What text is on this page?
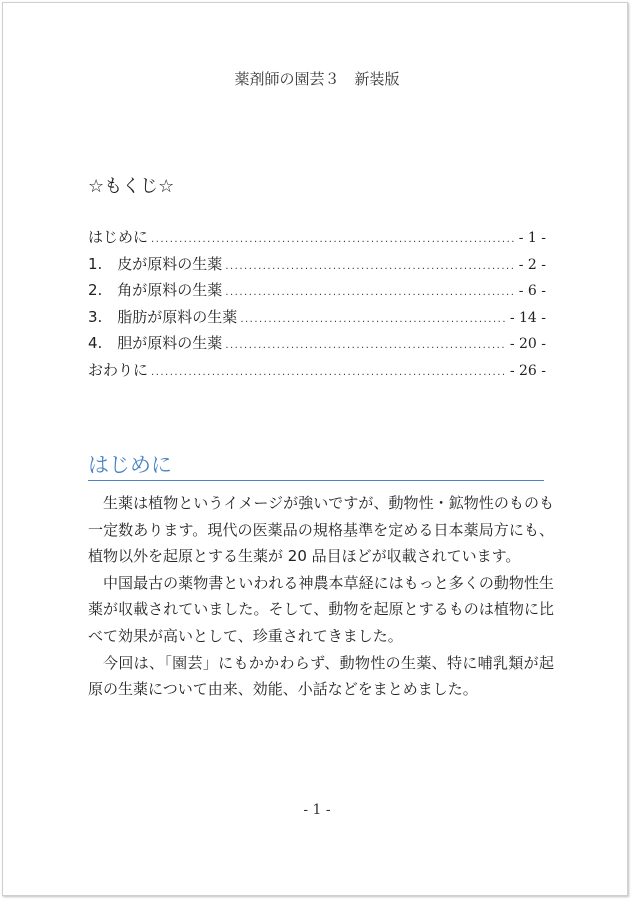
薬剤師の園芸３　新装版
☆もくじ☆
はじめに .....	- 1 -
1.　皮が原料の生薬 .....	- 2 -
2.　角が原料の生薬 .....	- 6 -
3.　脂肪が原料の生薬 .....	- 14 -
4.　胆が原料の生薬 .....	- 20 -
おわりに .....	- 26 -
はじめに

生薬は植物というイメージが強いですが、動物性・鉱物性のものも一定数あります。現代の医薬品の規格基準を定める日本薬局方にも、植物以外を起原とする生薬が 20 品目ほどが収載されています。

中国最古の薬物書といわれる神農本草経にはもっと多くの動物性生薬が収載されていました。そして、動物を起原とするものは植物に比べて効果が高いとして、珍重されてきました。

今回は、「園芸」にもかかわらず、動物性の生薬、特に哺乳類が起原の生薬について由来、効能、小話などをまとめました。

- 1 -
